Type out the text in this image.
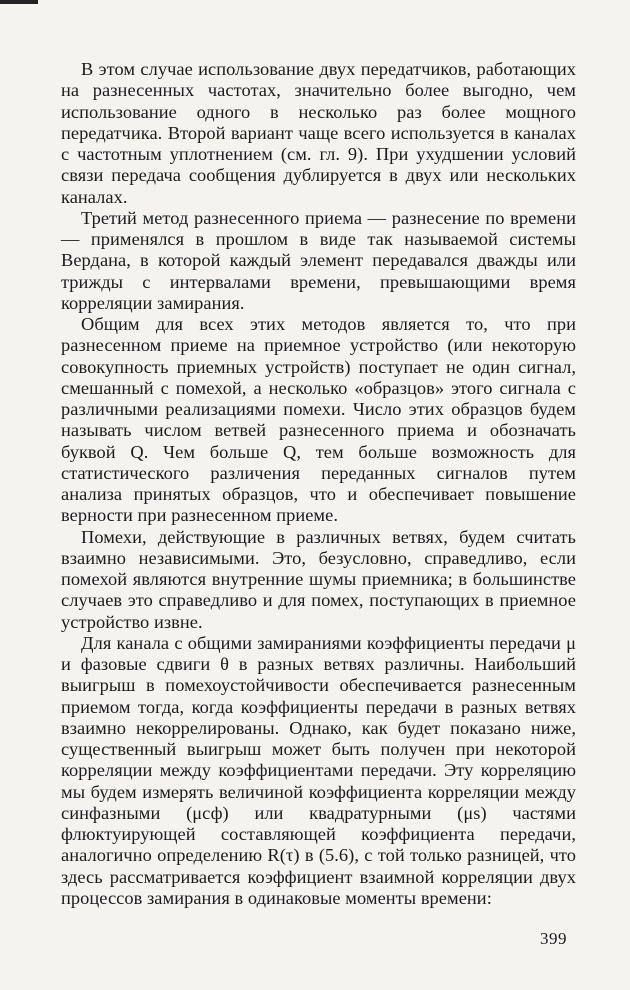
В этом случае использование двух передатчиков, работающих на разнесенных частотах, значительно более выгодно, чем использование одного в несколько раз более мощного передатчика. Второй вариант чаще всего используется в каналах с частотным уплотнением (см. гл. 9). При ухудшении условий связи передача сообщения дублируется в двух или нескольких каналах.

Третий метод разнесенного приема — разнесение по времени — применялся в прошлом в виде так называемой системы Вердана, в которой каждый элемент передавался дважды или трижды с интервалами времени, превышающими время корреляции замирания.

Общим для всех этих методов является то, что при разнесенном приеме на приемное устройство (или некоторую совокупность приемных устройств) поступает не один сигнал, смешанный с помехой, а несколько «образцов» этого сигнала с различными реализациями помехи. Число этих образцов будем называть числом ветвей разнесенного приема и обозначать буквой Q. Чем больше Q, тем больше возможность для статистического различения переданных сигналов путем анализа принятых образцов, что и обеспечивает повышение верности при разнесенном приеме.

Помехи, действующие в различных ветвях, будем считать взаимно независимыми. Это, безусловно, справедливо, если помехой являются внутренние шумы приемника; в большинстве случаев это справедливо и для помех, поступающих в приемное устройство извне.

Для канала с общими замираниями коэффициенты передачи μ и фазовые сдвиги θ в разных ветвях различны. Наибольший выигрыш в помехоустойчивости обеспечивается разнесенным приемом тогда, когда коэффициенты передачи в разных ветвях взаимно некоррелированы. Однако, как будет показано ниже, существенный выигрыш может быть получен при некоторой корреляции между коэффициентами передачи. Эту корреляцию мы будем измерять величиной коэффициента корреляции между синфазными (μсф) или квадратурными (μs) частями флюктуирующей составляющей коэффициента передачи, аналогично определению R(τ) в (5.6), с той только разницей, что здесь рассматривается коэффициент взаимной корреляции двух процессов замирания в одинаковые моменты времени:

399
